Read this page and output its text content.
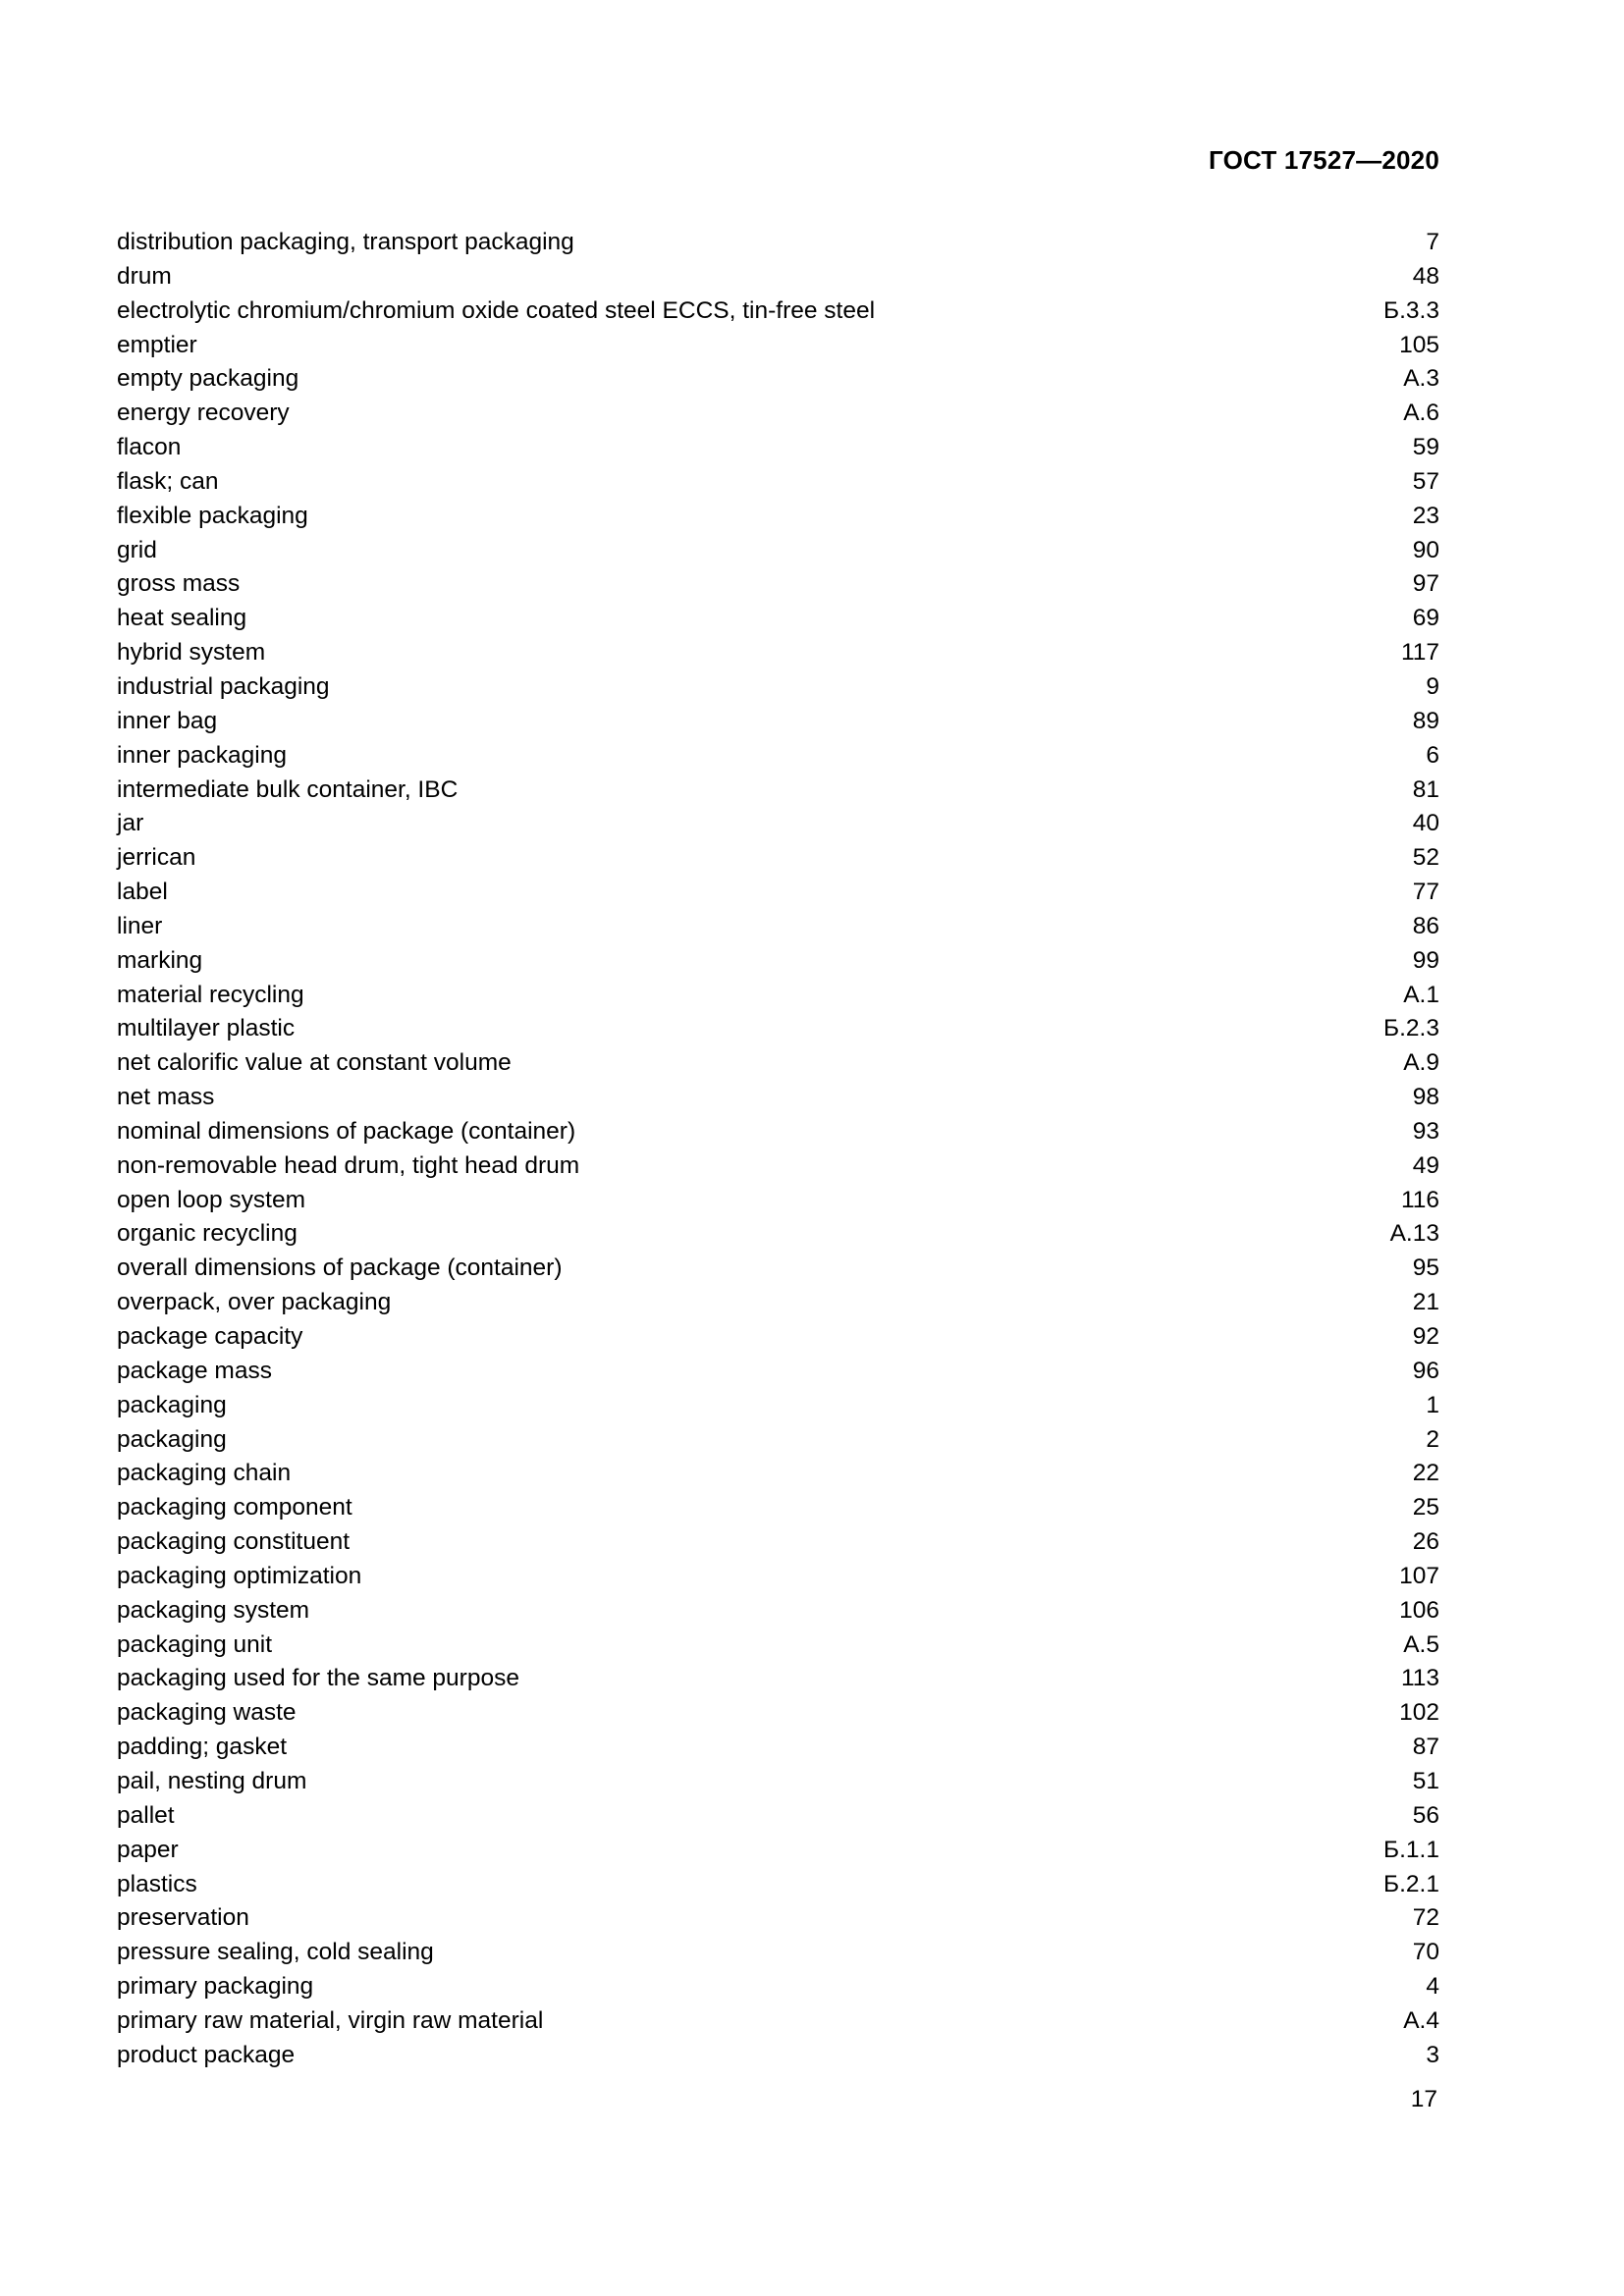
ГОСТ 17527—2020
distribution packaging, transport packaging	7
drum	48
electrolytic chromium/chromium oxide coated steel ECCS, tin-free steel	Б.3.3
emptier	105
empty packaging	А.3
energy recovery	А.6
flacon	59
flask; can	57
flexible packaging	23
grid	90
gross mass	97
heat sealing	69
hybrid system	117
industrial packaging	9
inner bag	89
inner packaging	6
intermediate bulk container, IBC	81
jar	40
jerrican	52
label	77
liner	86
marking	99
material recycling	А.1
multilayer plastic	Б.2.3
net calorific value at constant volume	А.9
net mass	98
nominal dimensions of package (container)	93
non-removable head drum, tight head drum	49
open loop system	116
organic recycling	А.13
overall dimensions of package (container)	95
overpack, over packaging	21
package capacity	92
package mass	96
packaging	1
packaging	2
packaging chain	22
packaging component	25
packaging constituent	26
packaging optimization	107
packaging system	106
packaging unit	А.5
packaging used for the same purpose	113
packaging waste	102
padding; gasket	87
pail, nesting drum	51
pallet	56
paper	Б.1.1
plastics	Б.2.1
preservation	72
pressure sealing, cold sealing	70
primary packaging	4
primary raw material, virgin raw material	А.4
product package	3
17
